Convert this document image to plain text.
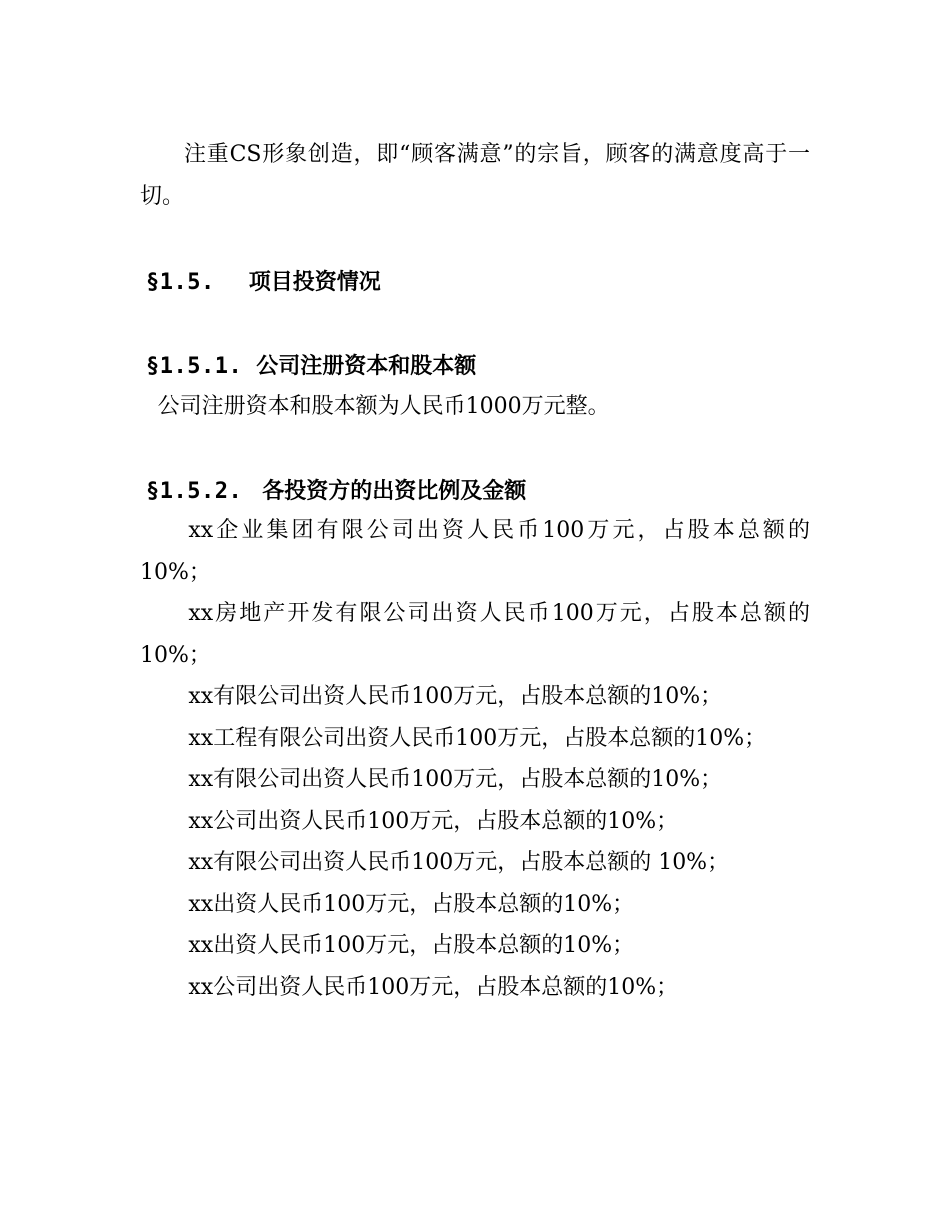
注重CS形象创造，即“顾客满意”的宗旨，顾客的满意度高于一切。

§1.5. 项目投资情况
§1.5.1. 公司注册资本和股本额

公司注册资本和股本额为人民币1000万元整。

§1.5.2. 各投资方的出资比例及金额
xx企业集团有限公司出资人民币100万元，占股本总额的10%；
xx房地产开发有限公司出资人民币100万元，占股本总额的10%；
xx有限公司出资人民币100万元，占股本总额的10%；
xx工程有限公司出资人民币100万元，占股本总额的10%；
xx有限公司出资人民币100万元，占股本总额的10%；
xx公司出资人民币100万元，占股本总额的10%；
xx有限公司出资人民币100万元，占股本总额的 10%；
xx出资人民币100万元，占股本总额的10%；
xx出资人民币100万元，占股本总额的10%；
xx公司出资人民币100万元，占股本总额的10%；
